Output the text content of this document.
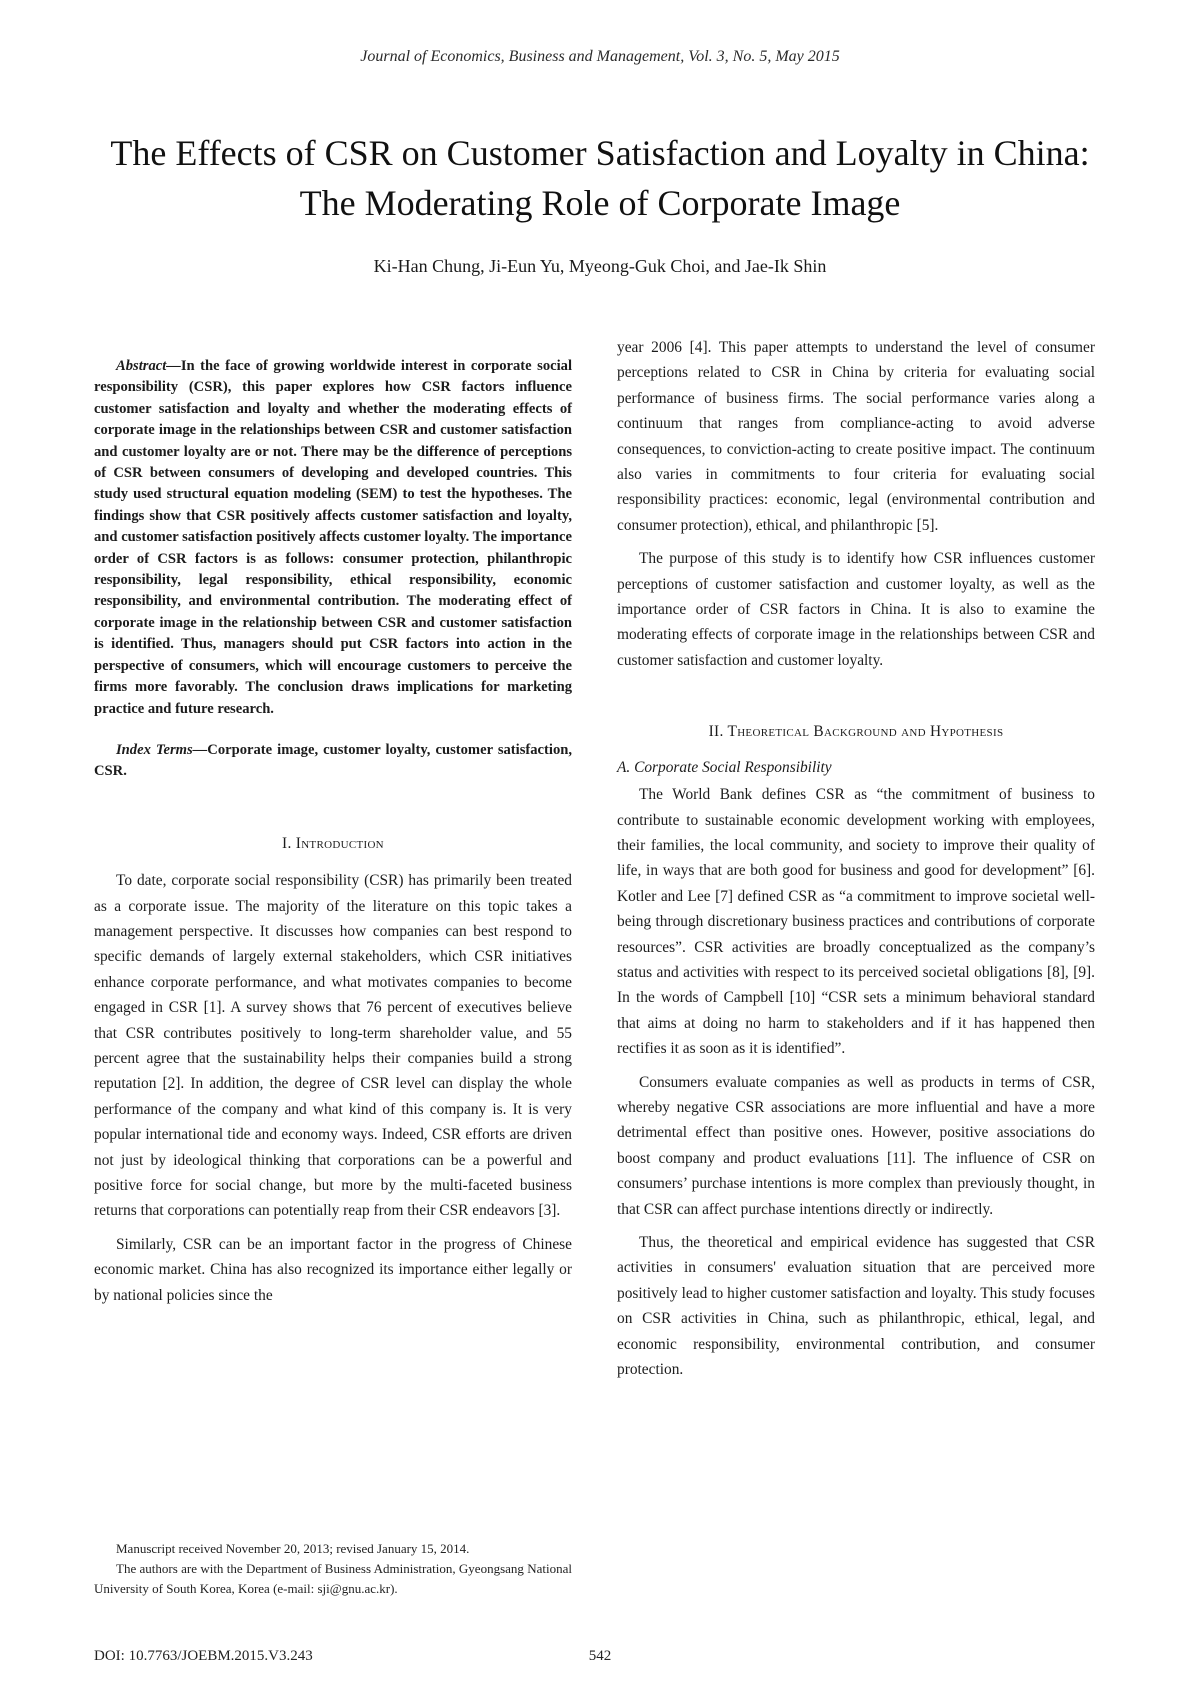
Journal of Economics, Business and Management, Vol. 3, No. 5, May 2015
The Effects of CSR on Customer Satisfaction and Loyalty in China: The Moderating Role of Corporate Image
Ki-Han Chung, Ji-Eun Yu, Myeong-Guk Choi, and Jae-Ik Shin

Abstract—In the face of growing worldwide interest in corporate social responsibility (CSR), this paper explores how CSR factors influence customer satisfaction and loyalty and whether the moderating effects of corporate image in the relationships between CSR and customer satisfaction and customer loyalty are or not. There may be the difference of perceptions of CSR between consumers of developing and developed countries. This study used structural equation modeling (SEM) to test the hypotheses. The findings show that CSR positively affects customer satisfaction and loyalty, and customer satisfaction positively affects customer loyalty. The importance order of CSR factors is as follows: consumer protection, philanthropic responsibility, legal responsibility, ethical responsibility, economic responsibility, and environmental contribution. The moderating effect of corporate image in the relationship between CSR and customer satisfaction is identified. Thus, managers should put CSR factors into action in the perspective of consumers, which will encourage customers to perceive the firms more favorably. The conclusion draws implications for marketing practice and future research.

Index Terms—Corporate image, customer loyalty, customer satisfaction, CSR.

I. Introduction

To date, corporate social responsibility (CSR) has primarily been treated as a corporate issue. The majority of the literature on this topic takes a management perspective. It discusses how companies can best respond to specific demands of largely external stakeholders, which CSR initiatives enhance corporate performance, and what motivates companies to become engaged in CSR [1]. A survey shows that 76 percent of executives believe that CSR contributes positively to long-term shareholder value, and 55 percent agree that the sustainability helps their companies build a strong reputation [2]. In addition, the degree of CSR level can display the whole performance of the company and what kind of this company is. It is very popular international tide and economy ways. Indeed, CSR efforts are driven not just by ideological thinking that corporations can be a powerful and positive force for social change, but more by the multi-faceted business returns that corporations can potentially reap from their CSR endeavors [3].

Similarly, CSR can be an important factor in the progress of Chinese economic market. China has also recognized its importance either legally or by national policies since the

year 2006 [4]. This paper attempts to understand the level of consumer perceptions related to CSR in China by criteria for evaluating social performance of business firms. The social performance varies along a continuum that ranges from compliance-acting to avoid adverse consequences, to conviction-acting to create positive impact. The continuum also varies in commitments to four criteria for evaluating social responsibility practices: economic, legal (environmental contribution and consumer protection), ethical, and philanthropic [5].

The purpose of this study is to identify how CSR influences customer perceptions of customer satisfaction and customer loyalty, as well as the importance order of CSR factors in China. It is also to examine the moderating effects of corporate image in the relationships between CSR and customer satisfaction and customer loyalty.

II. Theoretical Background and Hypothesis

A. Corporate Social Responsibility

The World Bank defines CSR as “the commitment of business to contribute to sustainable economic development working with employees, their families, the local community, and society to improve their quality of life, in ways that are both good for business and good for development” [6]. Kotler and Lee [7] defined CSR as “a commitment to improve societal well-being through discretionary business practices and contributions of corporate resources”. CSR activities are broadly conceptualized as the company’s status and activities with respect to its perceived societal obligations [8], [9]. In the words of Campbell [10] “CSR sets a minimum behavioral standard that aims at doing no harm to stakeholders and if it has happened then rectifies it as soon as it is identified”.

Consumers evaluate companies as well as products in terms of CSR, whereby negative CSR associations are more influential and have a more detrimental effect than positive ones. However, positive associations do boost company and product evaluations [11]. The influence of CSR on consumers’ purchase intentions is more complex than previously thought, in that CSR can affect purchase intentions directly or indirectly.

Thus, the theoretical and empirical evidence has suggested that CSR activities in consumers' evaluation situation that are perceived more positively lead to higher customer satisfaction and loyalty. This study focuses on CSR activities in China, such as philanthropic, ethical, legal, and economic responsibility, environmental contribution, and consumer protection.

Manuscript received November 20, 2013; revised January 15, 2014.

The authors are with the Department of Business Administration, Gyeongsang National University of South Korea, Korea (e-mail: sji@gnu.ac.kr).

DOI: 10.7763/JOEBM.2015.V3.243	542
